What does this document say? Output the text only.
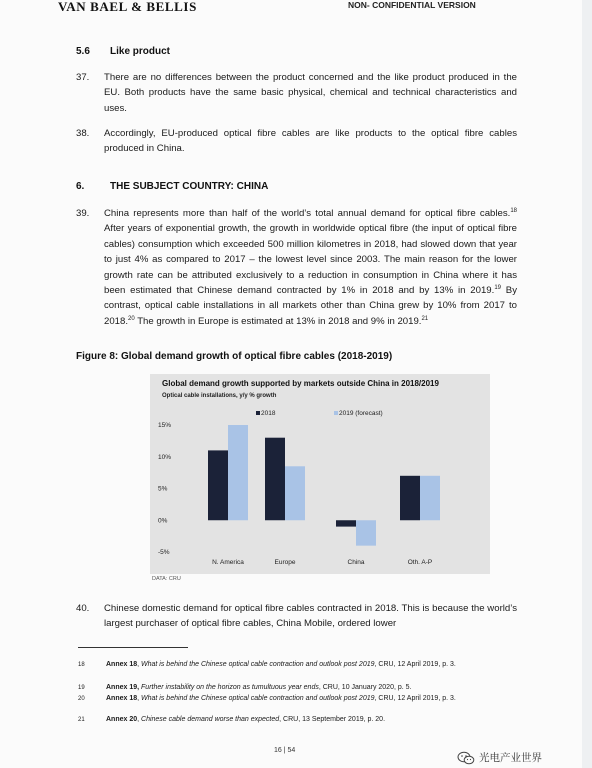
VAN BAEL & BELLIS	NON- CONFIDENTIAL VERSION
5.6 Like product
37. There are no differences between the product concerned and the like product produced in the EU. Both products have the same basic physical, chemical and technical characteristics and uses.
38. Accordingly, EU-produced optical fibre cables are like products to the optical fibre cables produced in China.
6.	THE SUBJECT COUNTRY: CHINA
39. China represents more than half of the world’s total annual demand for optical fibre cables.$^{18}$ After years of exponential growth, the growth in worldwide optical fibre (the input of optical fibre cables) consumption which exceeded 500 million kilometres in 2018, had slowed down that year to just 4% as compared to 2017 – the lowest level since 2003. The main reason for the lower growth rate can be attributed exclusively to a reduction in consumption in China where it has been estimated that Chinese demand contracted by 1% in 2018 and by 13% in 2019.19 By contrast, optical cable installations in all markets other than China grew by 10% from 2017 to 2018.20 The growth in Europe is estimated at 13% in 2018 and 9% in 2019.21
Figure 8: Global demand growth of optical fibre cables (2018-2019)
Global demand growth supported by markets outside China in 2018/2019
Optical cable installations, y/y % growth
15%
10%
5%
0%
-5%
2018	2019 (forecast)
N. America	Europe	China	Oth. A-P
DATA: CRU
40. Chinese domestic demand for optical fibre cables contracted in 2018. This is because the world’s largest purchaser of optical fibre cables, China Mobile, ordered lower
18	Annex 18, What is behind the Chinese optical cable contraction and outlook post 2019, CRU, 12 April 2019, p. 3.
19	Annex 19, Further instability on the horizon as tumultuous year ends, CRU, 10 January 2020, p. 5.
20	Annex 18, What is behind the Chinese optical cable contraction and outlook post 2019, CRU, 12 April 2019, p. 3.
21	Annex 20, Chinese cable demand worse than expected, CRU, 13 September 2019, p. 20.
16 | 54
光电产业世界
